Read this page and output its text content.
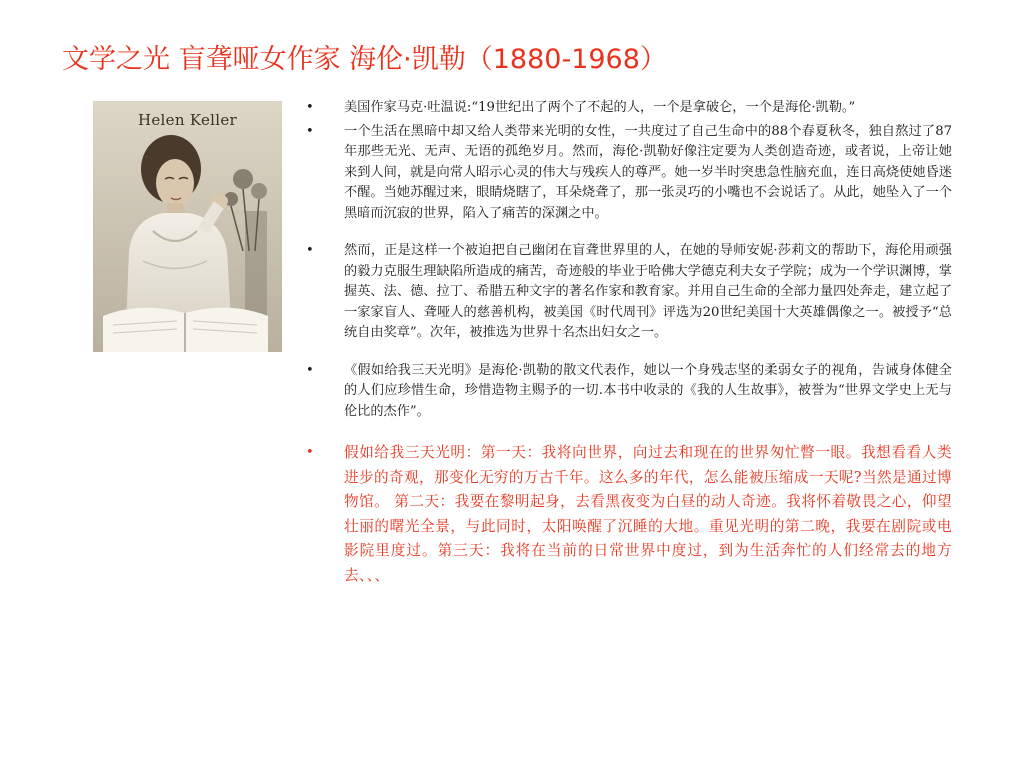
文学之光 盲聋哑女作家 海伦·凯勒（1880-1968）
Helen Keller
• 美国作家马克·吐温说:“19世纪出了两个了不起的人，一个是拿破仑，一个是海伦·凯勒。”
• 一个生活在黑暗中却又给人类带来光明的女性，一共度过了自己生命中的88个春夏秋冬，独自熬过了87年那些无光、无声、无语的孤绝岁月。然而，海伦·凯勒好像注定要为人类创造奇迹，或者说，上帝让她来到人间，就是向常人昭示心灵的伟大与残疾人的尊严。她一岁半时突患急性脑充血，连日高烧使她昏迷不醒。当她苏醒过来，眼睛烧瞎了，耳朵烧聋了，那一张灵巧的小嘴也不会说话了。从此，她坠入了一个黑暗而沉寂的世界，陷入了痛苦的深渊之中。
• 然而，正是这样一个被迫把自己幽闭在盲聋世界里的人，在她的导师安妮·莎莉文的帮助下，海伦用顽强的毅力克服生理缺陷所造成的痛苦，奇迹般的毕业于哈佛大学德克利夫女子学院；成为一个学识渊博，掌握英、法、德、拉丁、希腊五种文字的著名作家和教育家。并用自己生命的全部力量四处奔走，建立起了一家家盲人、聋哑人的慈善机构，被美国《时代周刊》评选为20世纪美国十大英雄偶像之一。被授予“总统自由奖章”。次年，被推选为世界十名杰出妇女之一。
• 《假如给我三天光明》是海伦·凯勒的散文代表作，她以一个身残志坚的柔弱女子的视角，告诫身体健全的人们应珍惜生命，珍惜造物主赐予的一切.本书中收录的《我的人生故事》，被誉为“世界文学史上无与伦比的杰作”。
• 假如给我三天光明：第一天：我将向世界，向过去和现在的世界匆忙瞥一眼。我想看看人类进步的奇观，那变化无穷的万古千年。这么多的年代，怎么能被压缩成一天呢?当然是通过博物馆。 第二天：我要在黎明起身，去看黑夜变为白昼的动人奇迹。我将怀着敬畏之心，仰望壮丽的曙光全景，与此同时，太阳唤醒了沉睡的大地。重见光明的第二晚，我要在剧院或电影院里度过。第三天：我将在当前的日常世界中度过，到为生活奔忙的人们经常去的地方去、、、
